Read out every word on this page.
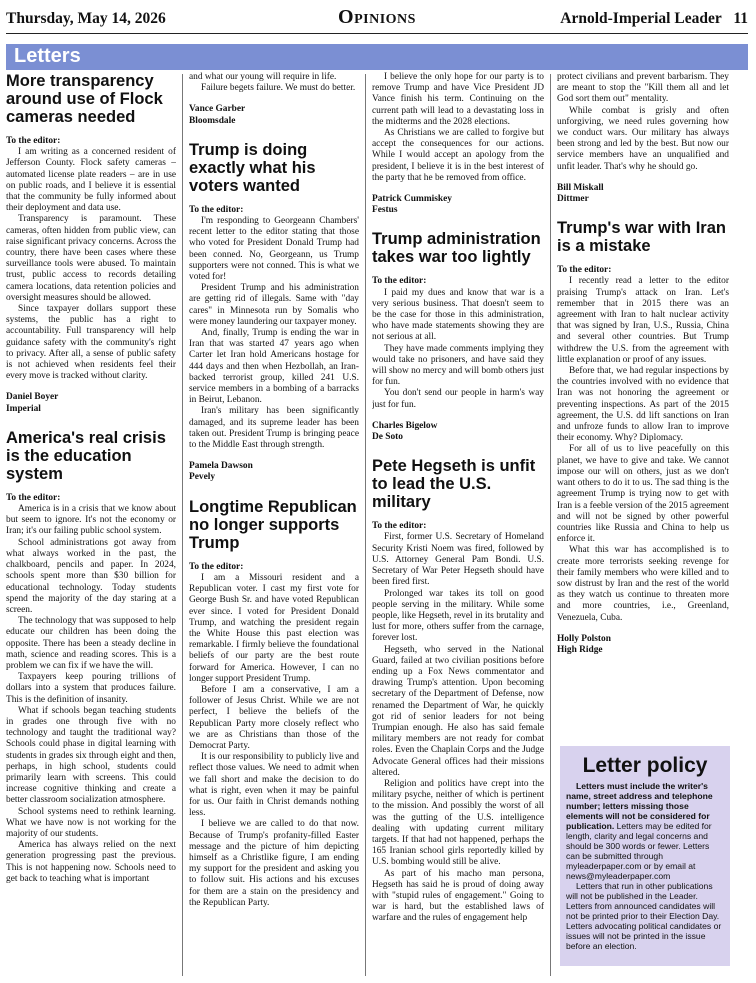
Thursday, May 14, 2026	Opinions	Arnold-Imperial Leader 11
Letters
More transparency around use of Flock cameras needed

To the editor:

I am writing as a concerned resident of Jefferson County. Flock safety cameras – automated license plate readers – are in use on public roads, and I believe it is essential that the community be fully informed about their deployment and data use.

Transparency is paramount. These cameras, often hidden from public view, can raise significant privacy concerns. Across the country, there have been cases where these surveillance tools were abused. To maintain trust, public access to records detailing camera locations, data retention policies and oversight measures should be allowed.

Since taxpayer dollars support these systems, the public has a right to accountability. Full transparency will help guidance safety with the community's right to privacy. After all, a sense of public safety is not achieved when residents feel their every move is tracked without clarity.

Daniel Boyer
Imperial
America's real crisis is the education system

To the editor:

America is in a crisis that we know about but seem to ignore. It's not the economy or Iran; it's our failing public school system.

School administrations got away from what always worked in the past, the chalkboard, pencils and paper. In 2024, schools spent more than $30 billion for educational technology. Today students spend the majority of the day staring at a screen.

The technology that was supposed to help educate our children has been doing the opposite. There has been a steady decline in math, science and reading scores. This is a problem we can fix if we have the will.

Taxpayers keep pouring trillions of dollars into a system that produces failure. This is the definition of insanity.

What if schools began teaching students in grades one through five with no technology and taught the traditional way? Schools could phase in digital learning with students in grades six through eight and then, perhaps, in high school, students could primarily learn with screens. This could increase cognitive thinking and create a better classroom socialization atmosphere.

School systems need to rethink learning. What we have now is not working for the majority of our students.

America has always relied on the next generation progressing past the previous. This is not happening now. Schools need to get back to teaching what is important

and what our young will require in life.

Failure begets failure. We must do better.

Vance Garber
Bloomsdale
Trump is doing exactly what his voters wanted

To the editor:

I'm responding to Georgeann Chambers' recent letter to the editor stating that those who voted for President Donald Trump had been conned. No, Georgeann, us Trump supporters were not conned. This is what we voted for!

President Trump and his administration are getting rid of illegals. Same with "day cares" in Minnesota run by Somalis who were money laundering our taxpayer money.

And, finally, Trump is ending the war in Iran that was started 47 years ago when Carter let Iran hold Americans hostage for 444 days and then when Hezbollah, an Iran-backed terrorist group, killed 241 U.S. service members in a bombing of a barracks in Beirut, Lebanon.

Iran's military has been significantly damaged, and its supreme leader has been taken out. President Trump is bringing peace to the Middle East through strength.

Pamela Dawson
Pevely
Longtime Republican no longer supports Trump

To the editor:

I am a Missouri resident and a Republican voter. I cast my first vote for George Bush Sr. and have voted Republican ever since. I voted for President Donald Trump, and watching the president regain the White House this past election was remarkable. I firmly believe the foundational beliefs of our party are the best route forward for America. However, I can no longer support President Trump.

Before I am a conservative, I am a follower of Jesus Christ. While we are not perfect, I believe the beliefs of the Republican Party more closely reflect who we are as Christians than those of the Democrat Party.

It is our responsibility to publicly live and reflect those values. We need to admit when we fall short and make the decision to do what is right, even when it may be painful for us. Our faith in Christ demands nothing less.

I believe we are called to do that now. Because of Trump's profanity-filled Easter message and the picture of him depicting himself as a Christlike figure, I am ending my support for the president and asking you to follow suit. His actions and his excuses for them are a stain on the presidency and the Republican Party.

I believe the only hope for our party is to remove Trump and have Vice President JD Vance finish his term. Continuing on the current path will lead to a devastating loss in the midterms and the 2028 elections.

As Christians we are called to forgive but accept the consequences for our actions. While I would accept an apology from the president, I believe it is in the best interest of the party that he be removed from office.

Patrick Cummiskey
Festus
Trump administration takes war too lightly

To the editor:

I paid my dues and know that war is a very serious business. That doesn't seem to be the case for those in this administration, who have made statements showing they are not serious at all.

They have made comments implying they would take no prisoners, and have said they will show no mercy and will bomb others just for fun.

You don't send our people in harm's way just for fun.

Charles Bigelow
De Soto
Pete Hegseth is unfit to lead the U.S. military

To the editor:

First, former U.S. Secretary of Homeland Security Kristi Noem was fired, followed by U.S. Attorney General Pam Bondi. U.S. Secretary of War Peter Hegseth should have been fired first.

Prolonged war takes its toll on good people serving in the military. While some people, like Hegseth, revel in its brutality and lust for more, others suffer from the carnage, forever lost.

Hegseth, who served in the National Guard, failed at two civilian positions before ending up a Fox News commentator and drawing Trump's attention. Upon becoming secretary of the Department of Defense, now renamed the Department of War, he quickly got rid of senior leaders for not being Trumpian enough. He also has said female military members are not ready for combat roles. Even the Chaplain Corps and the Judge Advocate General offices had their missions altered.

Religion and politics have crept into the military psyche, neither of which is pertinent to the mission. And possibly the worst of all was the gutting of the U.S. intelligence dealing with updating current military targets. If that had not happened, perhaps the 165 Iranian school girls reportedly killed by U.S. bombing would still be alive.

As part of his macho man persona, Hegseth has said he is proud of doing away with "stupid rules of engagement." Going to war is hard, but the established laws of warfare and the rules of engagement help

protect civilians and prevent barbarism. They are meant to stop the "Kill them all and let God sort them out" mentality.

While combat is grisly and often unforgiving, we need rules governing how we conduct wars. Our military has always been strong and led by the best. But now our service members have an unqualified and unfit leader. That's why he should go.

Bill Miskall
Dittmer
Trump's war with Iran is a mistake

To the editor:

I recently read a letter to the editor praising Trump's attack on Iran. Let's remember that in 2015 there was an agreement with Iran to halt nuclear activity that was signed by Iran, U.S., Russia, China and several other countries. But Trump withdrew the U.S. from the agreement with little explanation or proof of any issues.

Before that, we had regular inspections by the countries involved with no evidence that Iran was not honoring the agreement or preventing inspections. As part of the 2015 agreement, the U.S. dd lift sanctions on Iran and unfroze funds to allow Iran to improve their economy. Why? Diplomacy.

For all of us to live peacefully on this planet, we have to give and take. We cannot impose our will on others, just as we don't want others to do it to us. The sad thing is the agreement Trump is trying now to get with Iran is a feeble version of the 2015 agreement and will not be signed by other powerful countries like Russia and China to help us enforce it.

What this war has accomplished is to create more terrorists seeking revenge for their family members who were killed and to sow distrust by Iran and the rest of the world as they watch us continue to threaten more and more countries, i.e., Greenland, Venezuela, Cuba.

Holly Polston
High Ridge
Letter policy

Letters must include the writer's name, street address and telephone number; letters missing those elements will not be considered for publication. Letters may be edited for length, clarity and legal concerns and should be 300 words or fewer. Letters can be submitted through myleaderpaper.com or by email at news@myleaderpaper.com

Letters that run in other publications will not be published in the Leader. Letters from announced candidates will not be printed prior to their Election Day. Letters advocating political candidates or issues will not be printed in the issue before an election.
